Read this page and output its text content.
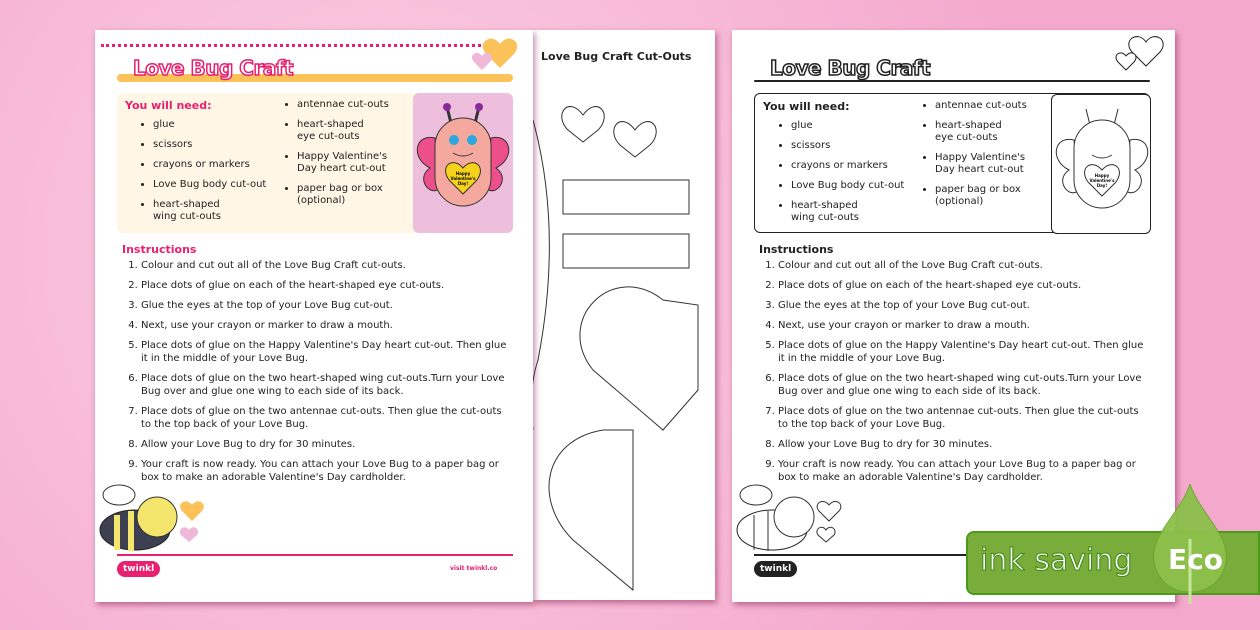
Love Bug Craft Cut-Outs
Love Bug Craft
You will need:
• glue
• scissors
• crayons or markers
• Love Bug body cut-out
• heart-shaped wing cut-outs
• antennae cut-outs
• heart-shaped eye cut-outs
• Happy Valentine's Day heart cut-out
• paper bag or box (optional)
Happy Valentine's Day!
Instructions
1. Colour and cut out all of the Love Bug Craft cut-outs.
2. Place dots of glue on each of the heart-shaped eye cut-outs.
3. Glue the eyes at the top of your Love Bug cut-out.
4. Next, use your crayon or marker to draw a mouth.
5. Place dots of glue on the Happy Valentine's Day heart cut-out. Then glue it in the middle of your Love Bug.
6. Place dots of glue on the two heart-shaped wing cut-outs.Turn your Love Bug over and glue one wing to each side of its back.
7. Place dots of glue on the two antennae cut-outs. Then glue the cut-outs to the top back of your Love Bug.
8. Allow your Love Bug to dry for 30 minutes.
9. Your craft is now ready. You can attach your Love Bug to a paper bag or box to make an adorable Valentine's Day cardholder.
twinkl	visit twinkl.co
Love Bug Craft
You will need:
• glue
• scissors
• crayons or markers
• Love Bug body cut-out
• heart-shaped wing cut-outs
• antennae cut-outs
• heart-shaped eye cut-outs
• Happy Valentine's Day heart cut-out
• paper bag or box (optional)
Happy Valentine's Day!
Instructions
1. Colour and cut out all of the Love Bug Craft cut-outs.
2. Place dots of glue on each of the heart-shaped eye cut-outs.
3. Glue the eyes at the top of your Love Bug cut-out.
4. Next, use your crayon or marker to draw a mouth.
5. Place dots of glue on the Happy Valentine's Day heart cut-out. Then glue it in the middle of your Love Bug.
6. Place dots of glue on the two heart-shaped wing cut-outs.Turn your Love Bug over and glue one wing to each side of its back.
7. Place dots of glue on the two antennae cut-outs. Then glue the cut-outs to the top back of your Love Bug.
8. Allow your Love Bug to dry for 30 minutes.
9. Your craft is now ready. You can attach your Love Bug to a paper bag or box to make an adorable Valentine's Day cardholder.
twinkl	ink saving Eco
